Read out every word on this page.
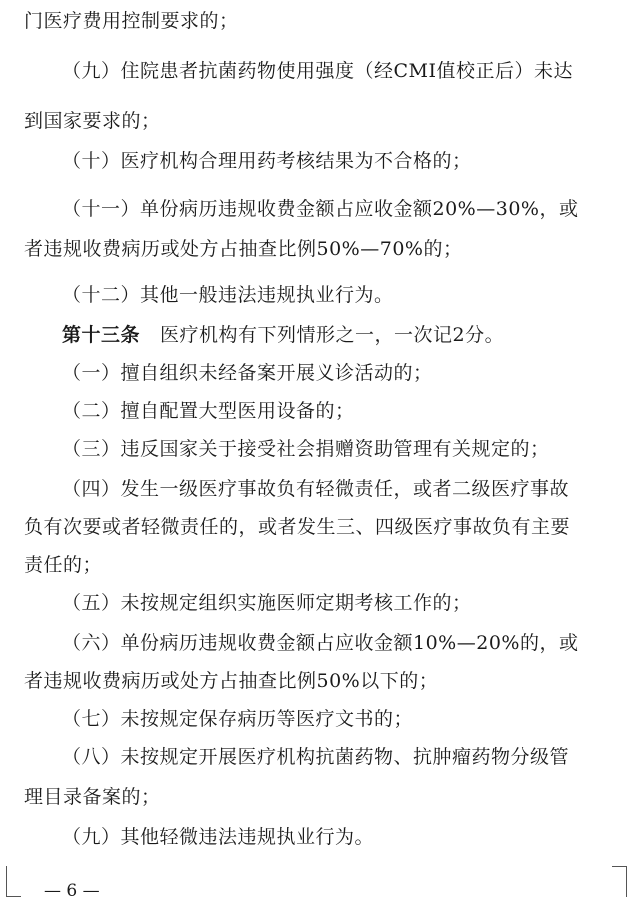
门医疗费用控制要求的；
（九）住院患者抗菌药物使用强度（经CMI值校正后）未达
到国家要求的；
（十）医疗机构合理用药考核结果为不合格的；
（十一）单份病历违规收费金额占应收金额20%—30%，或
者违规收费病历或处方占抽查比例50%—70%的；
（十二）其他一般违法违规执业行为。
第十三条 医疗机构有下列情形之一，一次记2分。
（一）擅自组织未经备案开展义诊活动的；
（二）擅自配置大型医用设备的；
（三）违反国家关于接受社会捐赠资助管理有关规定的；
（四）发生一级医疗事故负有轻微责任，或者二级医疗事故
负有次要或者轻微责任的，或者发生三、四级医疗事故负有主要
责任的；
（五）未按规定组织实施医师定期考核工作的；
（六）单份病历违规收费金额占应收金额10%—20%的，或
者违规收费病历或处方占抽查比例50%以下的；
（七）未按规定保存病历等医疗文书的；
（八）未按规定开展医疗机构抗菌药物、抗肿瘤药物分级管
理目录备案的；
（九）其他轻微违法违规执业行为。
— 6 —
